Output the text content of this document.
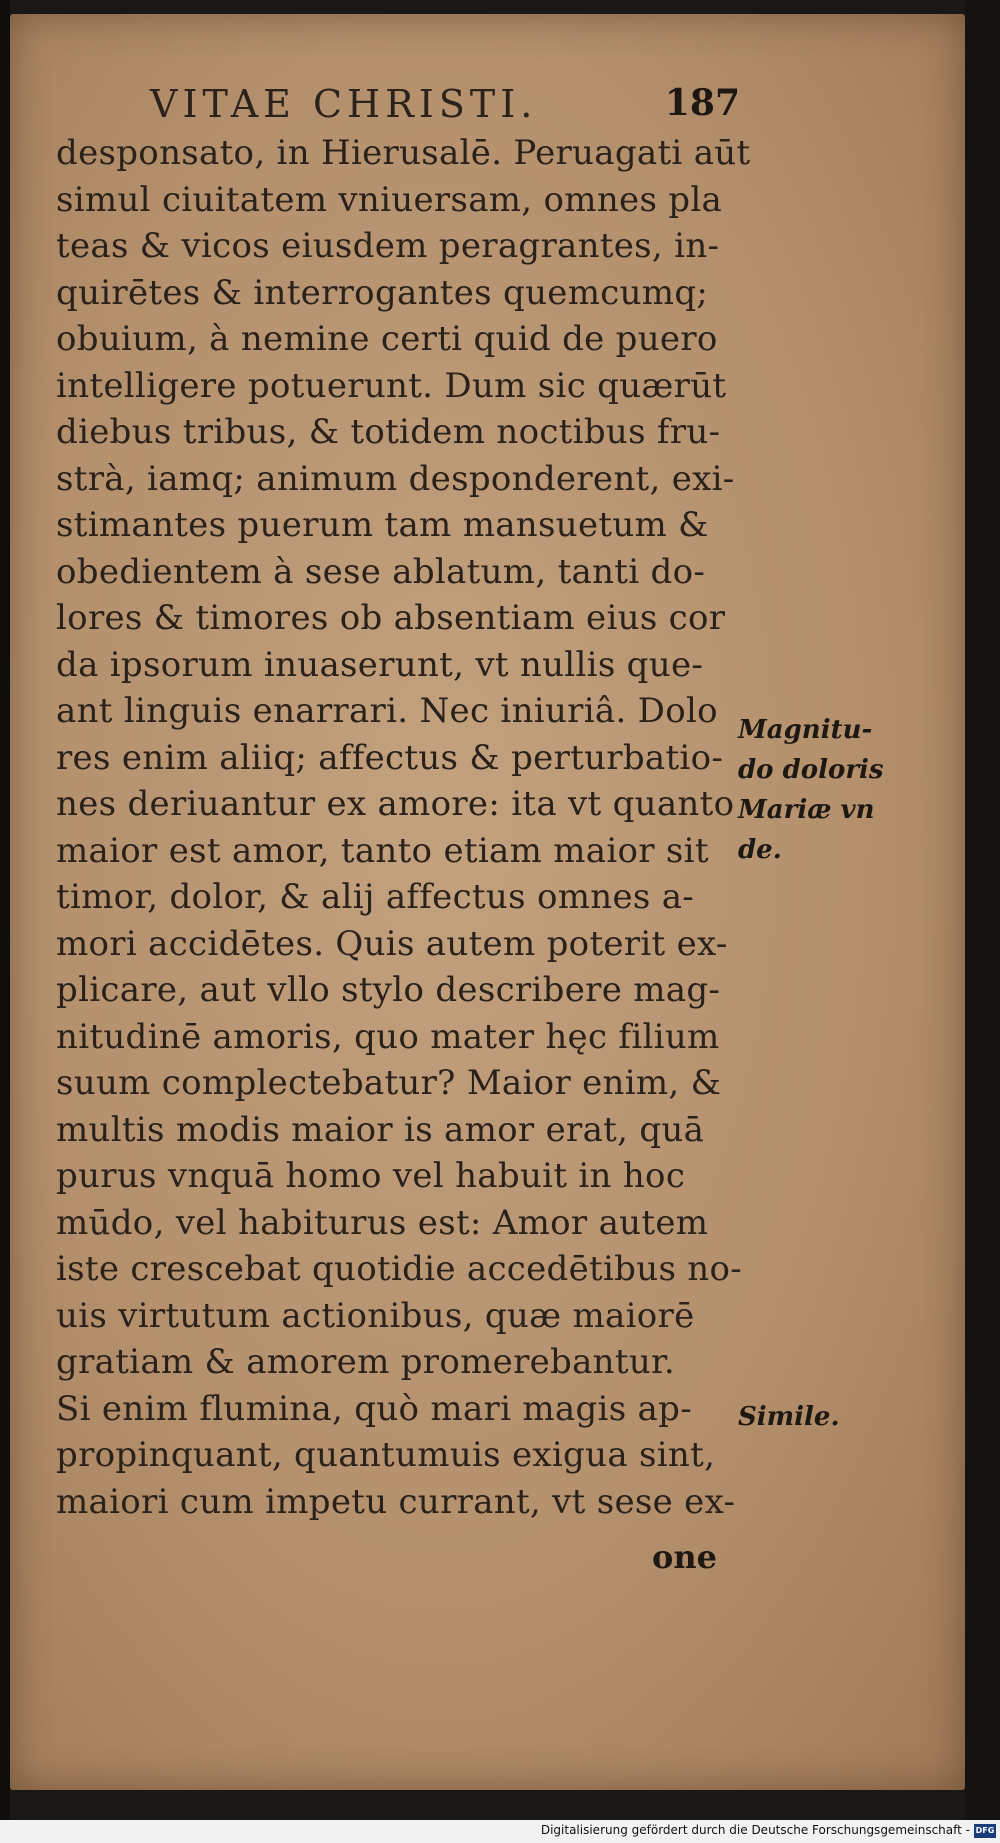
VITAE CHRISTI.	187
desponsato, in Hierusalē. Peruagati aūt
simul ciuitatem vniuersam, omnes pla
teas & vicos eiusdem peragrantes, in-
quirētes & interrogantes quemcumq;
obuium, à nemine certi quid de puero
intelligere potuerunt. Dum sic quærūt
diebus tribus, & totidem noctibus fru-
strà, iamq; animum desponderent, exi-
stimantes puerum tam mansuetum &
obedientem à sese ablatum, tanti do-
lores & timores ob absentiam eius cor
da ipsorum inuaserunt, vt nullis que-
ant linguis enarrari. Nec iniuriâ. Dolo
res enim aliiq; affectus & perturbatio-
nes deriuantur ex amore: ita vt quanto
maior est amor, tanto etiam maior sit
timor, dolor, & alij affectus omnes a-
mori accidētes. Quis autem poterit ex-
plicare, aut vllo stylo describere mag-
nitudinē amoris, quo mater hęc filium
suum complectebatur? Maior enim, &
multis modis maior is amor erat, quā
purus vnquā homo vel habuit in hoc
mūdo, vel habiturus est: Amor autem
iste crescebat quotidie accedētibus no-
uis virtutum actionibus, quæ maiorē
gratiam & amorem promerebantur.
Si enim flumina, quò mari magis ap-
propinquant, quantumuis exigua sint,
maiori cum impetu currant, vt sese ex-
Magnitu-
do doloris
Mariæ vn
de.
Simile.
one
Digitalisierung gefördert durch die Deutsche Forschungsgemeinschaft - DFG
